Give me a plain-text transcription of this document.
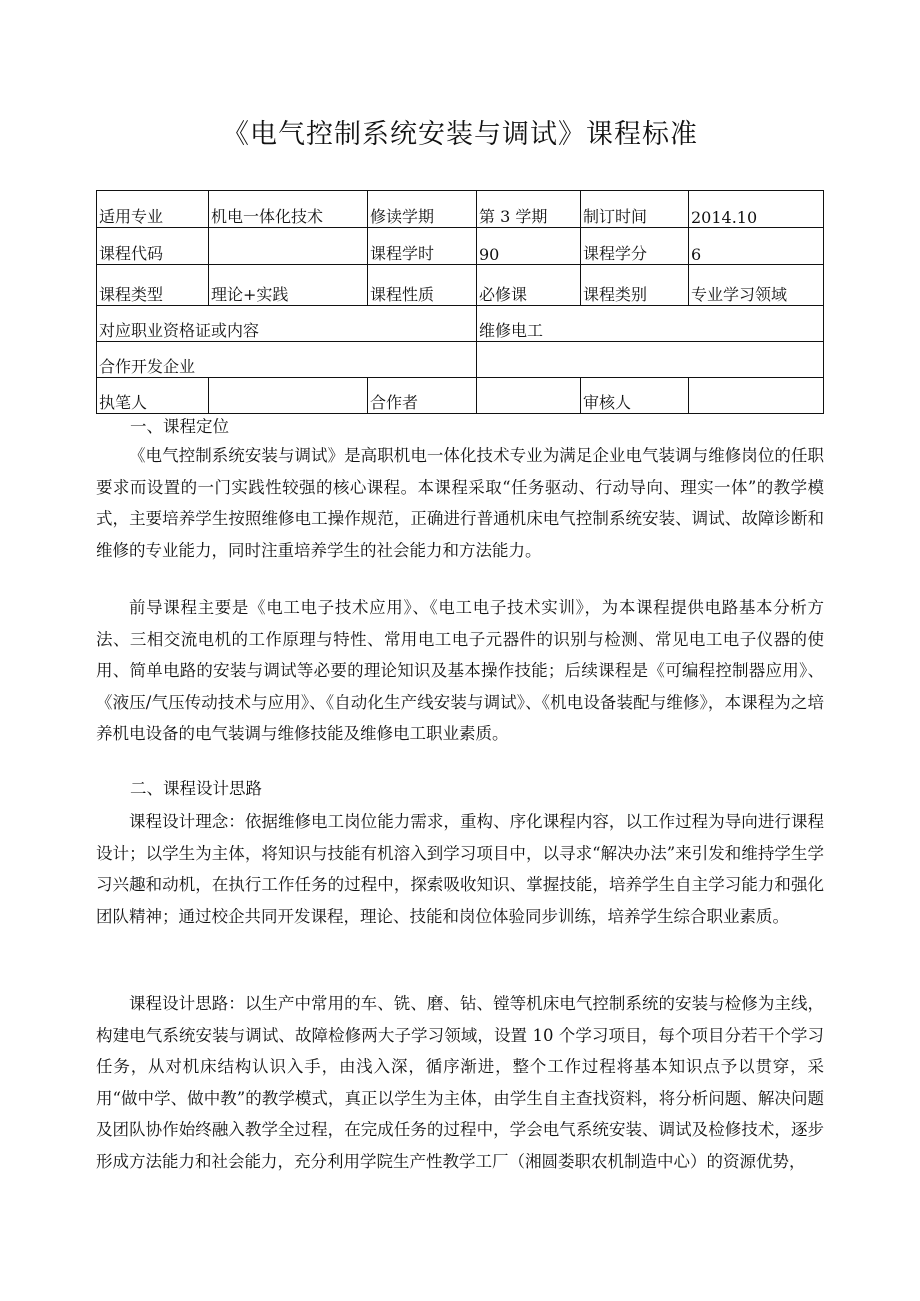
《电气控制系统安装与调试》课程标准
适用专业	机电一体化技术	修读学期	第 3 学期	制订时间	2014.10
课程代码		课程学时	90	课程学分	6
课程类型	理论+实践	课程性质	必修课	课程类别	专业学习领域
对应职业资格证或内容			维修电工		
合作开发企业					
执笔人		合作者		审核人	
一、课程定位

《电气控制系统安装与调试》是高职机电一体化技术专业为满足企业电气装调与维修岗位的任职要求而设置的一门实践性较强的核心课程。本课程采取“任务驱动、行动导向、理实一体”的教学模式，主要培养学生按照维修电工操作规范，正确进行普通机床电气控制系统安装、调试、故障诊断和维修的专业能力，同时注重培养学生的社会能力和方法能力。

前导课程主要是《电工电子技术应用》、《电工电子技术实训》，为本课程提供电路基本分析方法、三相交流电机的工作原理与特性、常用电工电子元器件的识别与检测、常见电工电子仪器的使用、简单电路的安装与调试等必要的理论知识及基本操作技能；后续课程是《可编程控制器应用》、《液压/气压传动技术与应用》、《自动化生产线安装与调试》、《机电设备装配与维修》，本课程为之培养机电设备的电气装调与维修技能及维修电工职业素质。

二、课程设计思路

课程设计理念：依据维修电工岗位能力需求，重构、序化课程内容，以工作过程为导向进行课程设计；以学生为主体，将知识与技能有机溶入到学习项目中，以寻求“解决办法”来引发和维持学生学习兴趣和动机，在执行工作任务的过程中，探索吸收知识、掌握技能，培养学生自主学习能力和强化团队精神；通过校企共同开发课程，理论、技能和岗位体验同步训练，培养学生综合职业素质。

课程设计思路：以生产中常用的车、铣、磨、钻、镗等机床电气控制系统的安装与检修为主线，构建电气系统安装与调试、故障检修两大子学习领域，设置 10 个学习项目，每个项目分若干个学习任务，从对机床结构认识入手，由浅入深，循序渐进，整个工作过程将基本知识点予以贯穿，采用“做中学、做中教”的教学模式，真正以学生为主体，由学生自主查找资料，将分析问题、解决问题及团队协作始终融入教学全过程，在完成任务的过程中，学会电气系统安装、调试及检修技术，逐步形成方法能力和社会能力，充分利用学院生产性教学工厂（湘圆娄职农机制造中心）的资源优势，
